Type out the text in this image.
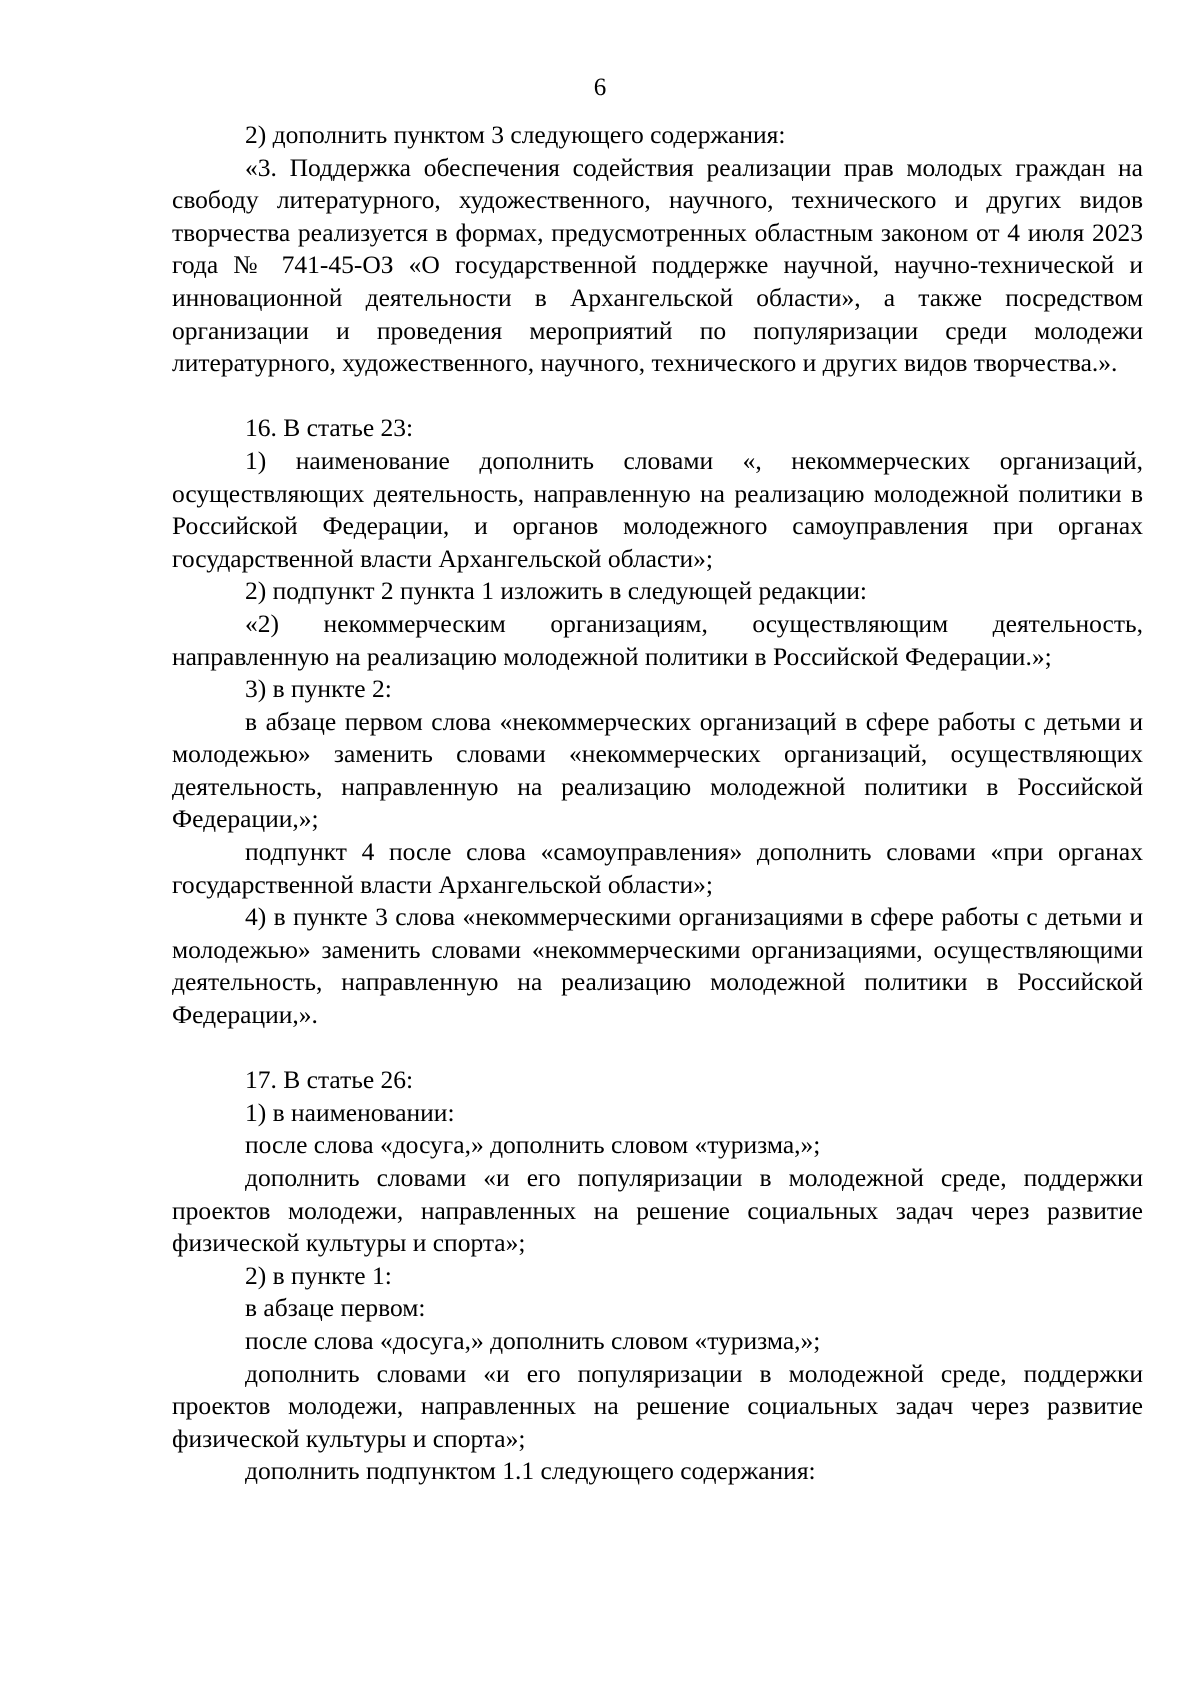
6

2) дополнить пунктом 3 следующего содержания:

«3. Поддержка обеспечения содействия реализации прав молодых граждан на свободу литературного, художественного, научного, технического и других видов творчества реализуется в формах, предусмотренных областным законом от 4 июля 2023 года № 741-45-ОЗ «О государственной поддержке научной, научно-технической и инновационной деятельности в Архангельской области», а также посредством организации и проведения мероприятий по популяризации среди молодежи литературного, художественного, научного, технического и других видов творчества.».

16. В статье 23:

1) наименование дополнить словами «, некоммерческих организаций, осуществляющих деятельность, направленную на реализацию молодежной политики в Российской Федерации, и органов молодежного самоуправления при органах государственной власти Архангельской области»;

2) подпункт 2 пункта 1 изложить в следующей редакции:

«2) некоммерческим организациям, осуществляющим деятельность, направленную на реализацию молодежной политики в Российской Федерации.»;

3) в пункте 2:

в абзаце первом слова «некоммерческих организаций в сфере работы с детьми и молодежью» заменить словами «некоммерческих организаций, осуществляющих деятельность, направленную на реализацию молодежной политики в Российской Федерации,»;

подпункт 4 после слова «самоуправления» дополнить словами «при органах государственной власти Архангельской области»;

4) в пункте 3 слова «некоммерческими организациями в сфере работы с детьми и молодежью» заменить словами «некоммерческими организациями, осуществляющими деятельность, направленную на реализацию молодежной политики в Российской Федерации,».

17. В статье 26:

1) в наименовании:

после слова «досуга,» дополнить словом «туризма,»;

дополнить словами «и его популяризации в молодежной среде, поддержки проектов молодежи, направленных на решение социальных задач через развитие физической культуры и спорта»;

2) в пункте 1:

в абзаце первом:

после слова «досуга,» дополнить словом «туризма,»;

дополнить словами «и его популяризации в молодежной среде, поддержки проектов молодежи, направленных на решение социальных задач через развитие физической культуры и спорта»;

дополнить подпунктом 1.1 следующего содержания:
